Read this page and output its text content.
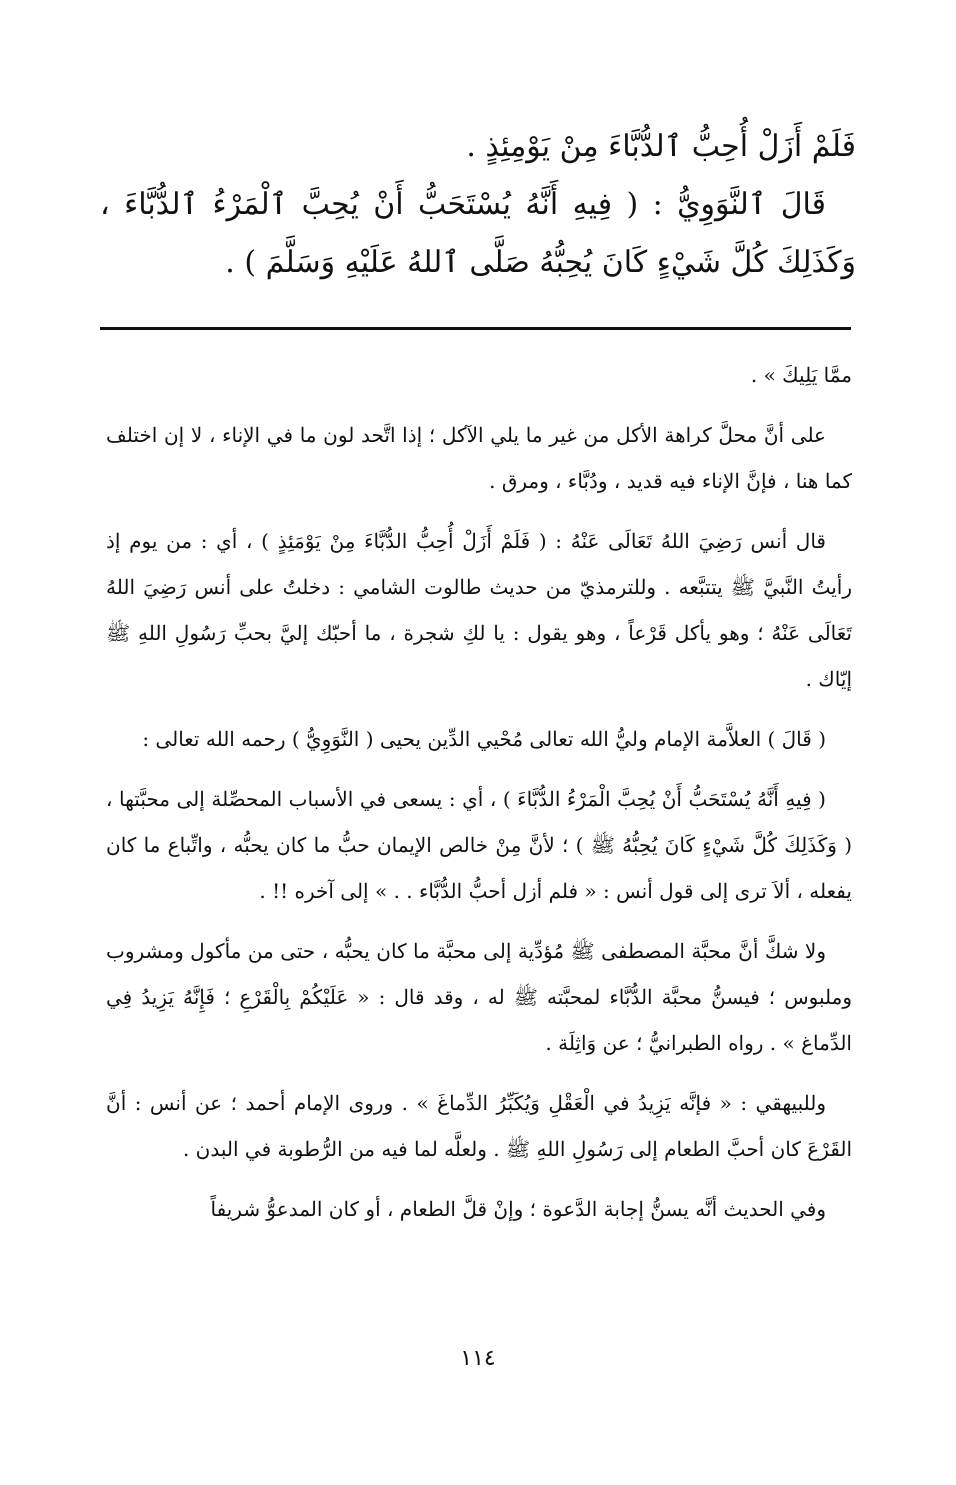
فَلَمْ أَزَلْ أُحِبُّ ٱلدُّبَّاءَ مِنْ يَوْمِئِذٍ .

قَالَ ٱلنَّوَوِيُّ : ( فِيهِ أَنَّهُ يُسْتَحَبُّ أَنْ يُحِبَّ ٱلْمَرْءُ ٱلدُّبَّاءَ ، وَكَذَلِكَ كُلَّ شَيْءٍ كَانَ يُحِبُّهُ صَلَّى ٱللهُ عَلَيْهِ وَسَلَّمَ ) .

ممَّا يَلِيكَ » .

على أنَّ محلَّ كراهة الأكل من غير ما يلي الآكل ؛ إذا اتَّحد لون ما في الإناء ، لا إن اختلف كما هنا ، فإنَّ الإناء فيه قديد ، ودُبَّاء ، ومرق .

قال أنس رَضِيَ اللهُ تَعَالَى عَنْهُ : ( فَلَمْ أَزَلْ أُحِبُّ الدُّبَّاءَ مِنْ يَوْمَئِذٍ ) ، أي : من يوم إذ رأيتُ النَّبيَّ ﷺ يتتبَّعه . وللترمذيّ من حديث طالوت الشامي : دخلتُ على أنس رَضِيَ اللهُ تَعَالَى عَنْهُ ؛ وهو يأكل قَرْعاً ، وهو يقول : يا لكِ شجرة ، ما أحبّك إليَّ بحبِّ رَسُولِ اللهِ ﷺ إيّاك .

( قَالَ ) العلاَّمة الإمام وليُّ الله تعالى مُحْيي الدِّين يحيى ( النَّوَوِيُّ ) رحمه الله تعالى :

( فِيهِ أَنَّهُ يُسْتَحَبُّ أَنْ يُحِبَّ الْمَرْءُ الدُّبَّاءَ ) ، أي : يسعى في الأسباب المحصِّلة إلى محبَّتها ، ( وَكَذَلِكَ كُلَّ شَيْءٍ كَانَ يُحِبُّهُ ﷺ ) ؛ لأنَّ مِنْ خالص الإيمان حبُّ ما كان يحبُّه ، واتِّباع ما كان يفعله ، ألاَ ترى إلى قول أنس : « فلم أزل أحبُّ الدُّبَّاء . . » إلى آخره !! .

ولا شكَّ أنَّ محبَّة المصطفى ﷺ مُؤدِّية إلى محبَّة ما كان يحبُّه ، حتى من مأكول ومشروب وملبوس ؛ فيسنُّ محبَّة الدُّبَّاء لمحبَّته ﷺ له ، وقد قال : « عَلَيْكُمْ بِالْقَرْعِ ؛ فَإِنَّهُ يَزِيدُ فِي الدِّماغ » . رواه الطبرانيُّ ؛ عن وَاثِلَة .

وللبيهقي : « فإنَّه يَزِيدُ في الْعَقْلِ وَيُكَبِّرُ الدِّماغَ » . وروى الإمام أحمد ؛ عن أنس : أنَّ القَرْعَ كان أحبَّ الطعام إلى رَسُولِ اللهِ ﷺ . ولعلَّه لما فيه من الرُّطوبة في البدن .

وفي الحديث أنَّه يسنُّ إجابة الدَّعوة ؛ وإنْ قلَّ الطعام ، أو كان المدعوُّ شريفاً

١١٤
